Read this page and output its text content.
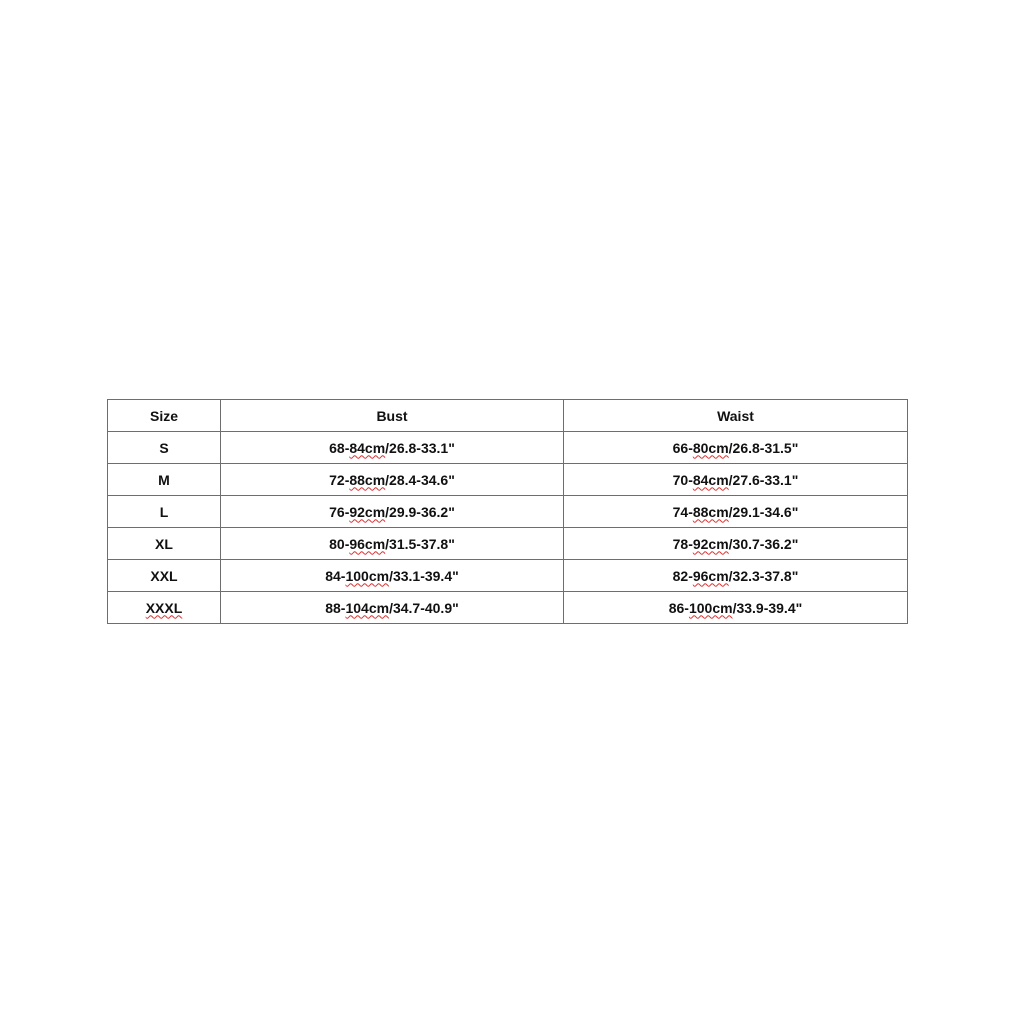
Size	Bust	Waist
S	68-84cm/26.8-33.1"	66-80cm/26.8-31.5"
M	72-88cm/28.4-34.6"	70-84cm/27.6-33.1"
L	76-92cm/29.9-36.2"	74-88cm/29.1-34.6"
XL	80-96cm/31.5-37.8"	78-92cm/30.7-36.2"
XXL	84-100cm/33.1-39.4"	82-96cm/32.3-37.8"
XXXL	88-104cm/34.7-40.9"	86-100cm/33.9-39.4"
